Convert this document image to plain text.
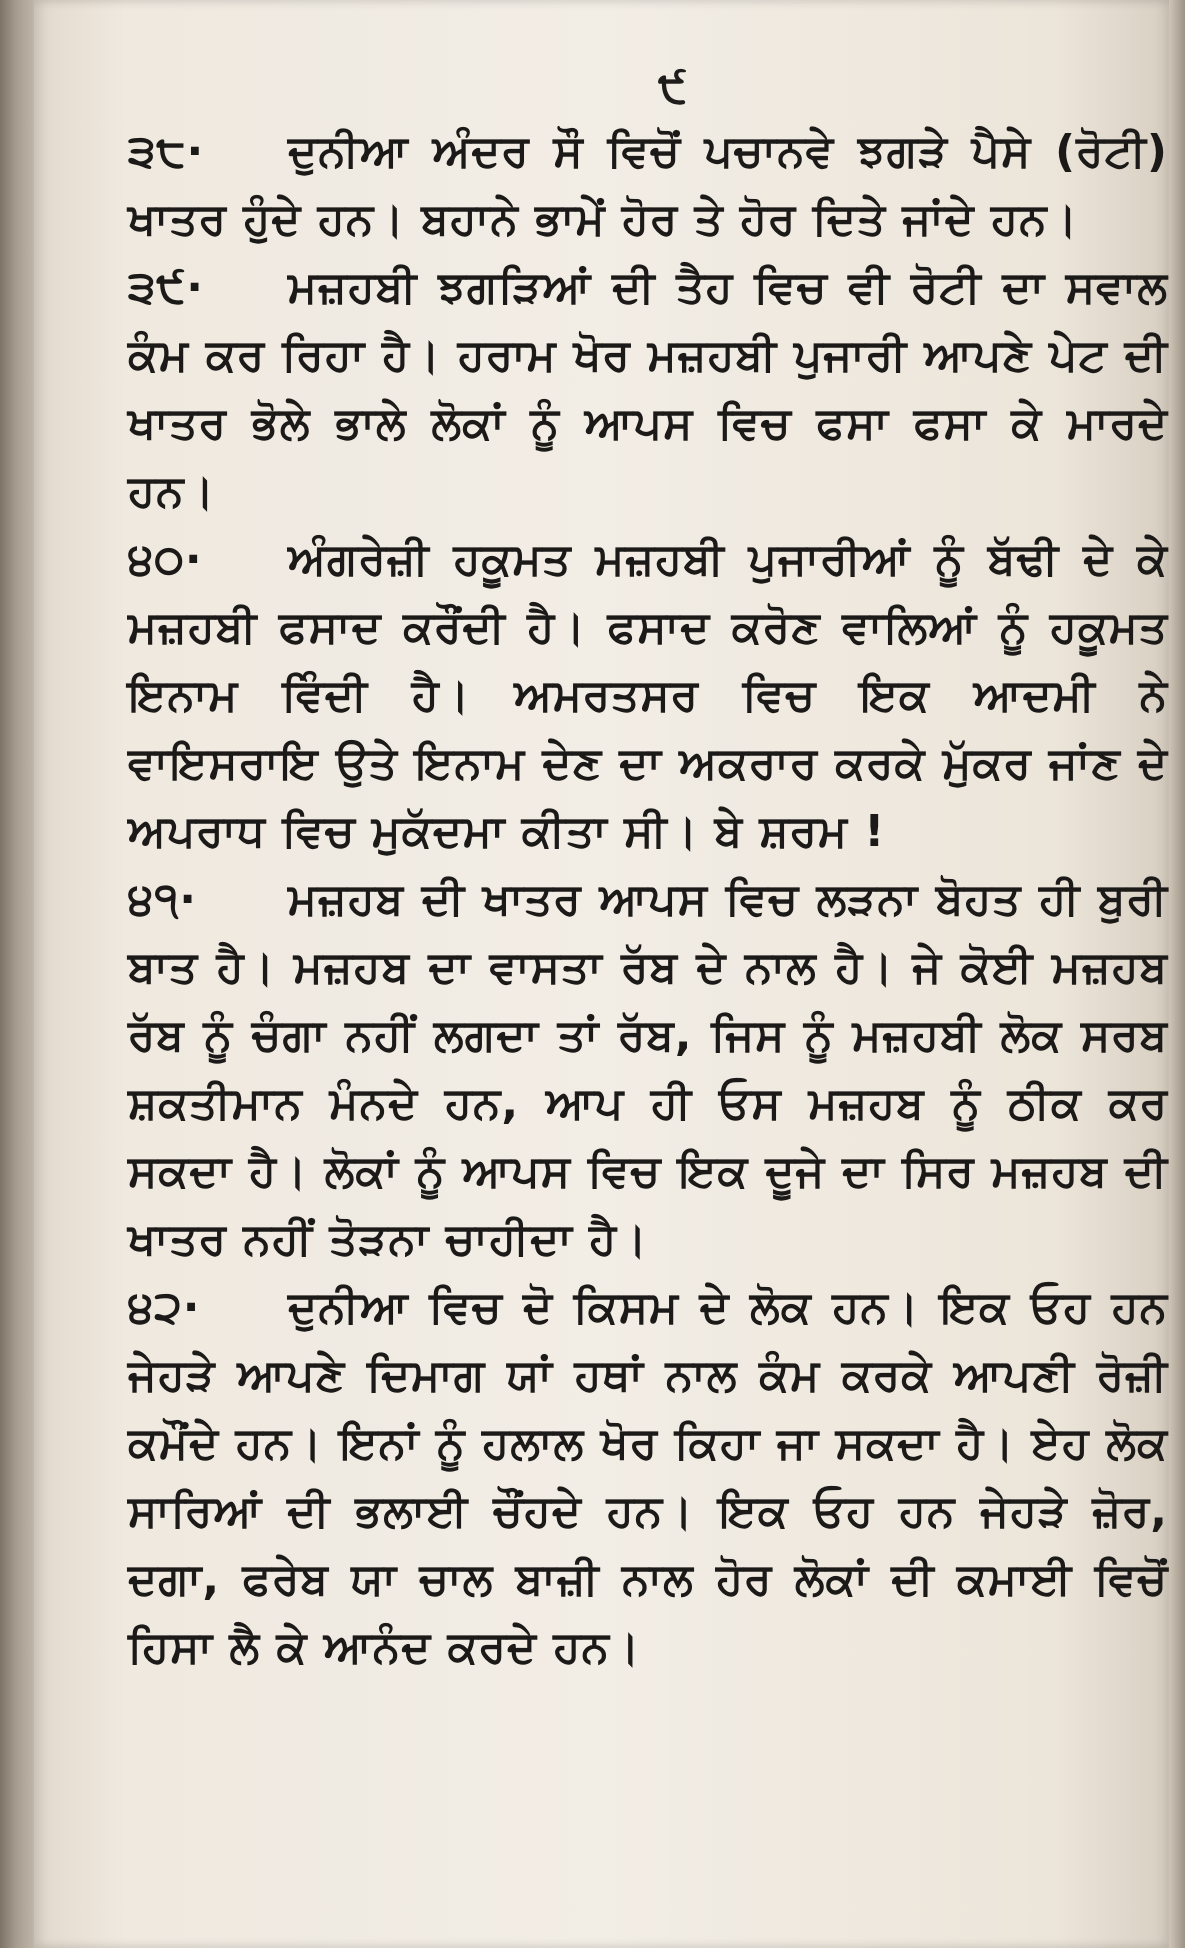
੯

੩੮· ਦੁਨੀਆ ਅੰਦਰ ਸੌ ਵਿਚੋਂ ਪਚਾਨਵੇ ਝਗੜੇ ਪੈਸੇ (ਰੋਟੀ) ਖਾਤਰ ਹੁੰਦੇ ਹਨ। ਬਹਾਨੇ ਭਾਮੇਂ ਹੋਰ ਤੇ ਹੋਰ ਦਿਤੇ ਜਾਂਦੇ ਹਨ।

੩੯· ਮਜ਼ਹਬੀ ਝਗੜਿਆਂ ਦੀ ਤੈਹ ਵਿਚ ਵੀ ਰੋਟੀ ਦਾ ਸਵਾਲ ਕੰਮ ਕਰ ਰਿਹਾ ਹੈ। ਹਰਾਮ ਖੋਰ ਮਜ਼ਹਬੀ ਪੁਜਾਰੀ ਆਪਣੇ ਪੇਟ ਦੀ ਖਾਤਰ ਭੋਲੇ ਭਾਲੇ ਲੋਕਾਂ ਨੂੰ ਆਪਸ ਵਿਚ ਫਸਾ ਫਸਾ ਕੇ ਮਾਰਦੇ ਹਨ।

੪੦· ਅੰਗਰੇਜ਼ੀ ਹਕੂਮਤ ਮਜ਼ਹਬੀ ਪੁਜਾਰੀਆਂ ਨੂੰ ਬੱਢੀ ਦੇ ਕੇ ਮਜ਼ਹਬੀ ਫਸਾਦ ਕਰੌਂਦੀ ਹੈ। ਫਸਾਦ ਕਰੋਣ ਵਾਲਿਆਂ ਨੂੰ ਹਕੂਮਤ ਇਨਾਮ ਵਿੰਦੀ ਹੈ। ਅਮਰਤਸਰ ਵਿਚ ਇਕ ਆਦਮੀ ਨੇ ਵਾਇਸਰਾਇ ਉਤੇ ਇਨਾਮ ਦੇਣ ਦਾ ਅਕਰਾਰ ਕਰਕੇ ਮੁੱਕਰ ਜਾਂਣ ਦੇ ਅਪਰਾਧ ਵਿਚ ਮੁਕੱਦਮਾ ਕੀਤਾ ਸੀ। ਬੇ ਸ਼ਰਮ !

੪੧· ਮਜ਼ਹਬ ਦੀ ਖਾਤਰ ਆਪਸ ਵਿਚ ਲੜਨਾ ਬੋਹਤ ਹੀ ਬੁਰੀ ਬਾਤ ਹੈ। ਮਜ਼ਹਬ ਦਾ ਵਾਸਤਾ ਰੱਬ ਦੇ ਨਾਲ ਹੈ। ਜੇ ਕੋਈ ਮਜ਼ਹਬ ਰੱਬ ਨੂੰ ਚੰਗਾ ਨਹੀਂ ਲਗਦਾ ਤਾਂ ਰੱਬ, ਜਿਸ ਨੂੰ ਮਜ਼ਹਬੀ ਲੋਕ ਸਰਬ ਸ਼ਕਤੀਮਾਨ ਮੰਨਦੇ ਹਨ, ਆਪ ਹੀ ਓਸ ਮਜ਼ਹਬ ਨੂੰ ਠੀਕ ਕਰ ਸਕਦਾ ਹੈ। ਲੋਕਾਂ ਨੂੰ ਆਪਸ ਵਿਚ ਇਕ ਦੂਜੇ ਦਾ ਸਿਰ ਮਜ਼ਹਬ ਦੀ ਖਾਤਰ ਨਹੀਂ ਤੋੜਨਾ ਚਾਹੀਦਾ ਹੈ।

੪੨· ਦੁਨੀਆ ਵਿਚ ਦੋ ਕਿਸਮ ਦੇ ਲੋਕ ਹਨ। ਇਕ ਓਹ ਹਨ ਜੇਹੜੇ ਆਪਣੇ ਦਿਮਾਗ ਯਾਂ ਹਥਾਂ ਨਾਲ ਕੰਮ ਕਰਕੇ ਆਪਣੀ ਰੋਜ਼ੀ ਕਮੌਂਦੇ ਹਨ। ਇਨਾਂ ਨੂੰ ਹਲਾਲ ਖੋਰ ਕਿਹਾ ਜਾ ਸਕਦਾ ਹੈ। ਏਹ ਲੋਕ ਸਾਰਿਆਂ ਦੀ ਭਲਾਈ ਚੌਂਹਦੇ ਹਨ। ਇਕ ਓਹ ਹਨ ਜੇਹੜੇ ਜ਼ੋਰ, ਦਗਾ, ਫਰੇਬ ਯਾ ਚਾਲ ਬਾਜ਼ੀ ਨਾਲ ਹੋਰ ਲੋਕਾਂ ਦੀ ਕਮਾਈ ਵਿਚੋਂ ਹਿਸਾ ਲੈ ਕੇ ਆਨੰਦ ਕਰਦੇ ਹਨ।
